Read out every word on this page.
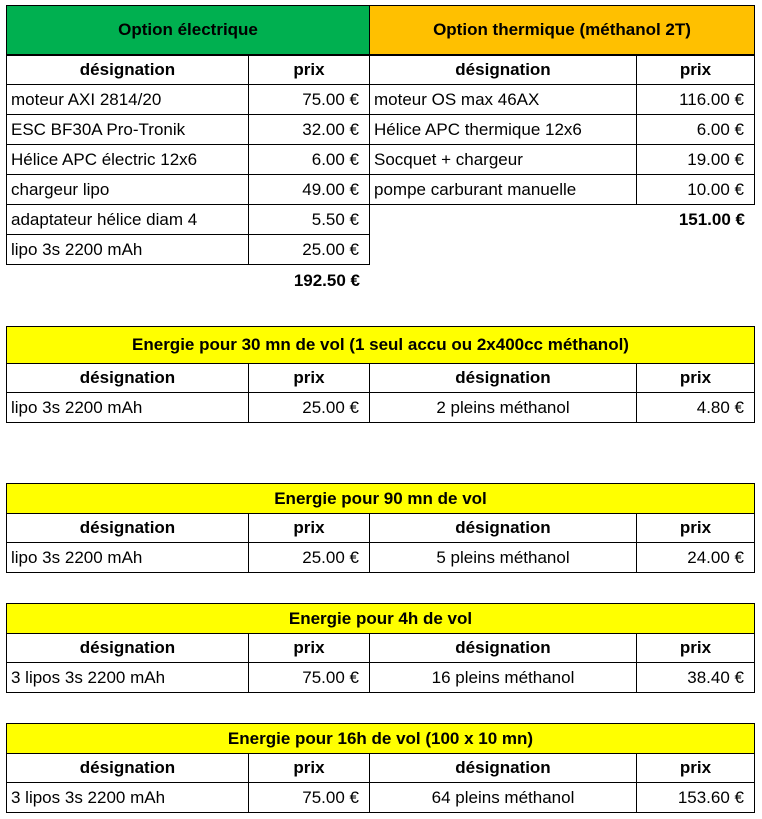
Option électrique
désignation	prix
moteur AXI 2814/20	75.00 €
ESC BF30A Pro-Tronik	32.00 €
Hélice APC électric 12x6	6.00 €
chargeur lipo	49.00 €
adaptateur hélice diam 4	5.50 €
lipo 3s 2200 mAh	25.00 €
192.50 €
Option thermique (méthanol 2T)
désignation	prix
moteur OS max 46AX	116.00 €
Hélice APC thermique 12x6	6.00 €
Socquet + chargeur	19.00 €
pompe carburant manuelle	10.00 €
151.00 €
Energie pour 30 mn de vol (1 seul accu ou 2x400cc méthanol)
désignation	prix	désignation	prix
lipo 3s 2200 mAh	25.00 €	2 pleins méthanol	4.80 €
Energie pour 90 mn de vol
désignation	prix	désignation	prix
lipo 3s 2200 mAh	25.00 €	5 pleins méthanol	24.00 €
Energie pour 4h de vol
désignation	prix	désignation	prix
3 lipos 3s 2200 mAh	75.00 €	16 pleins méthanol	38.40 €
Energie pour 16h de vol (100 x 10 mn)
désignation	prix	désignation	prix
3 lipos 3s 2200 mAh	75.00 €	64 pleins méthanol	153.60 €
